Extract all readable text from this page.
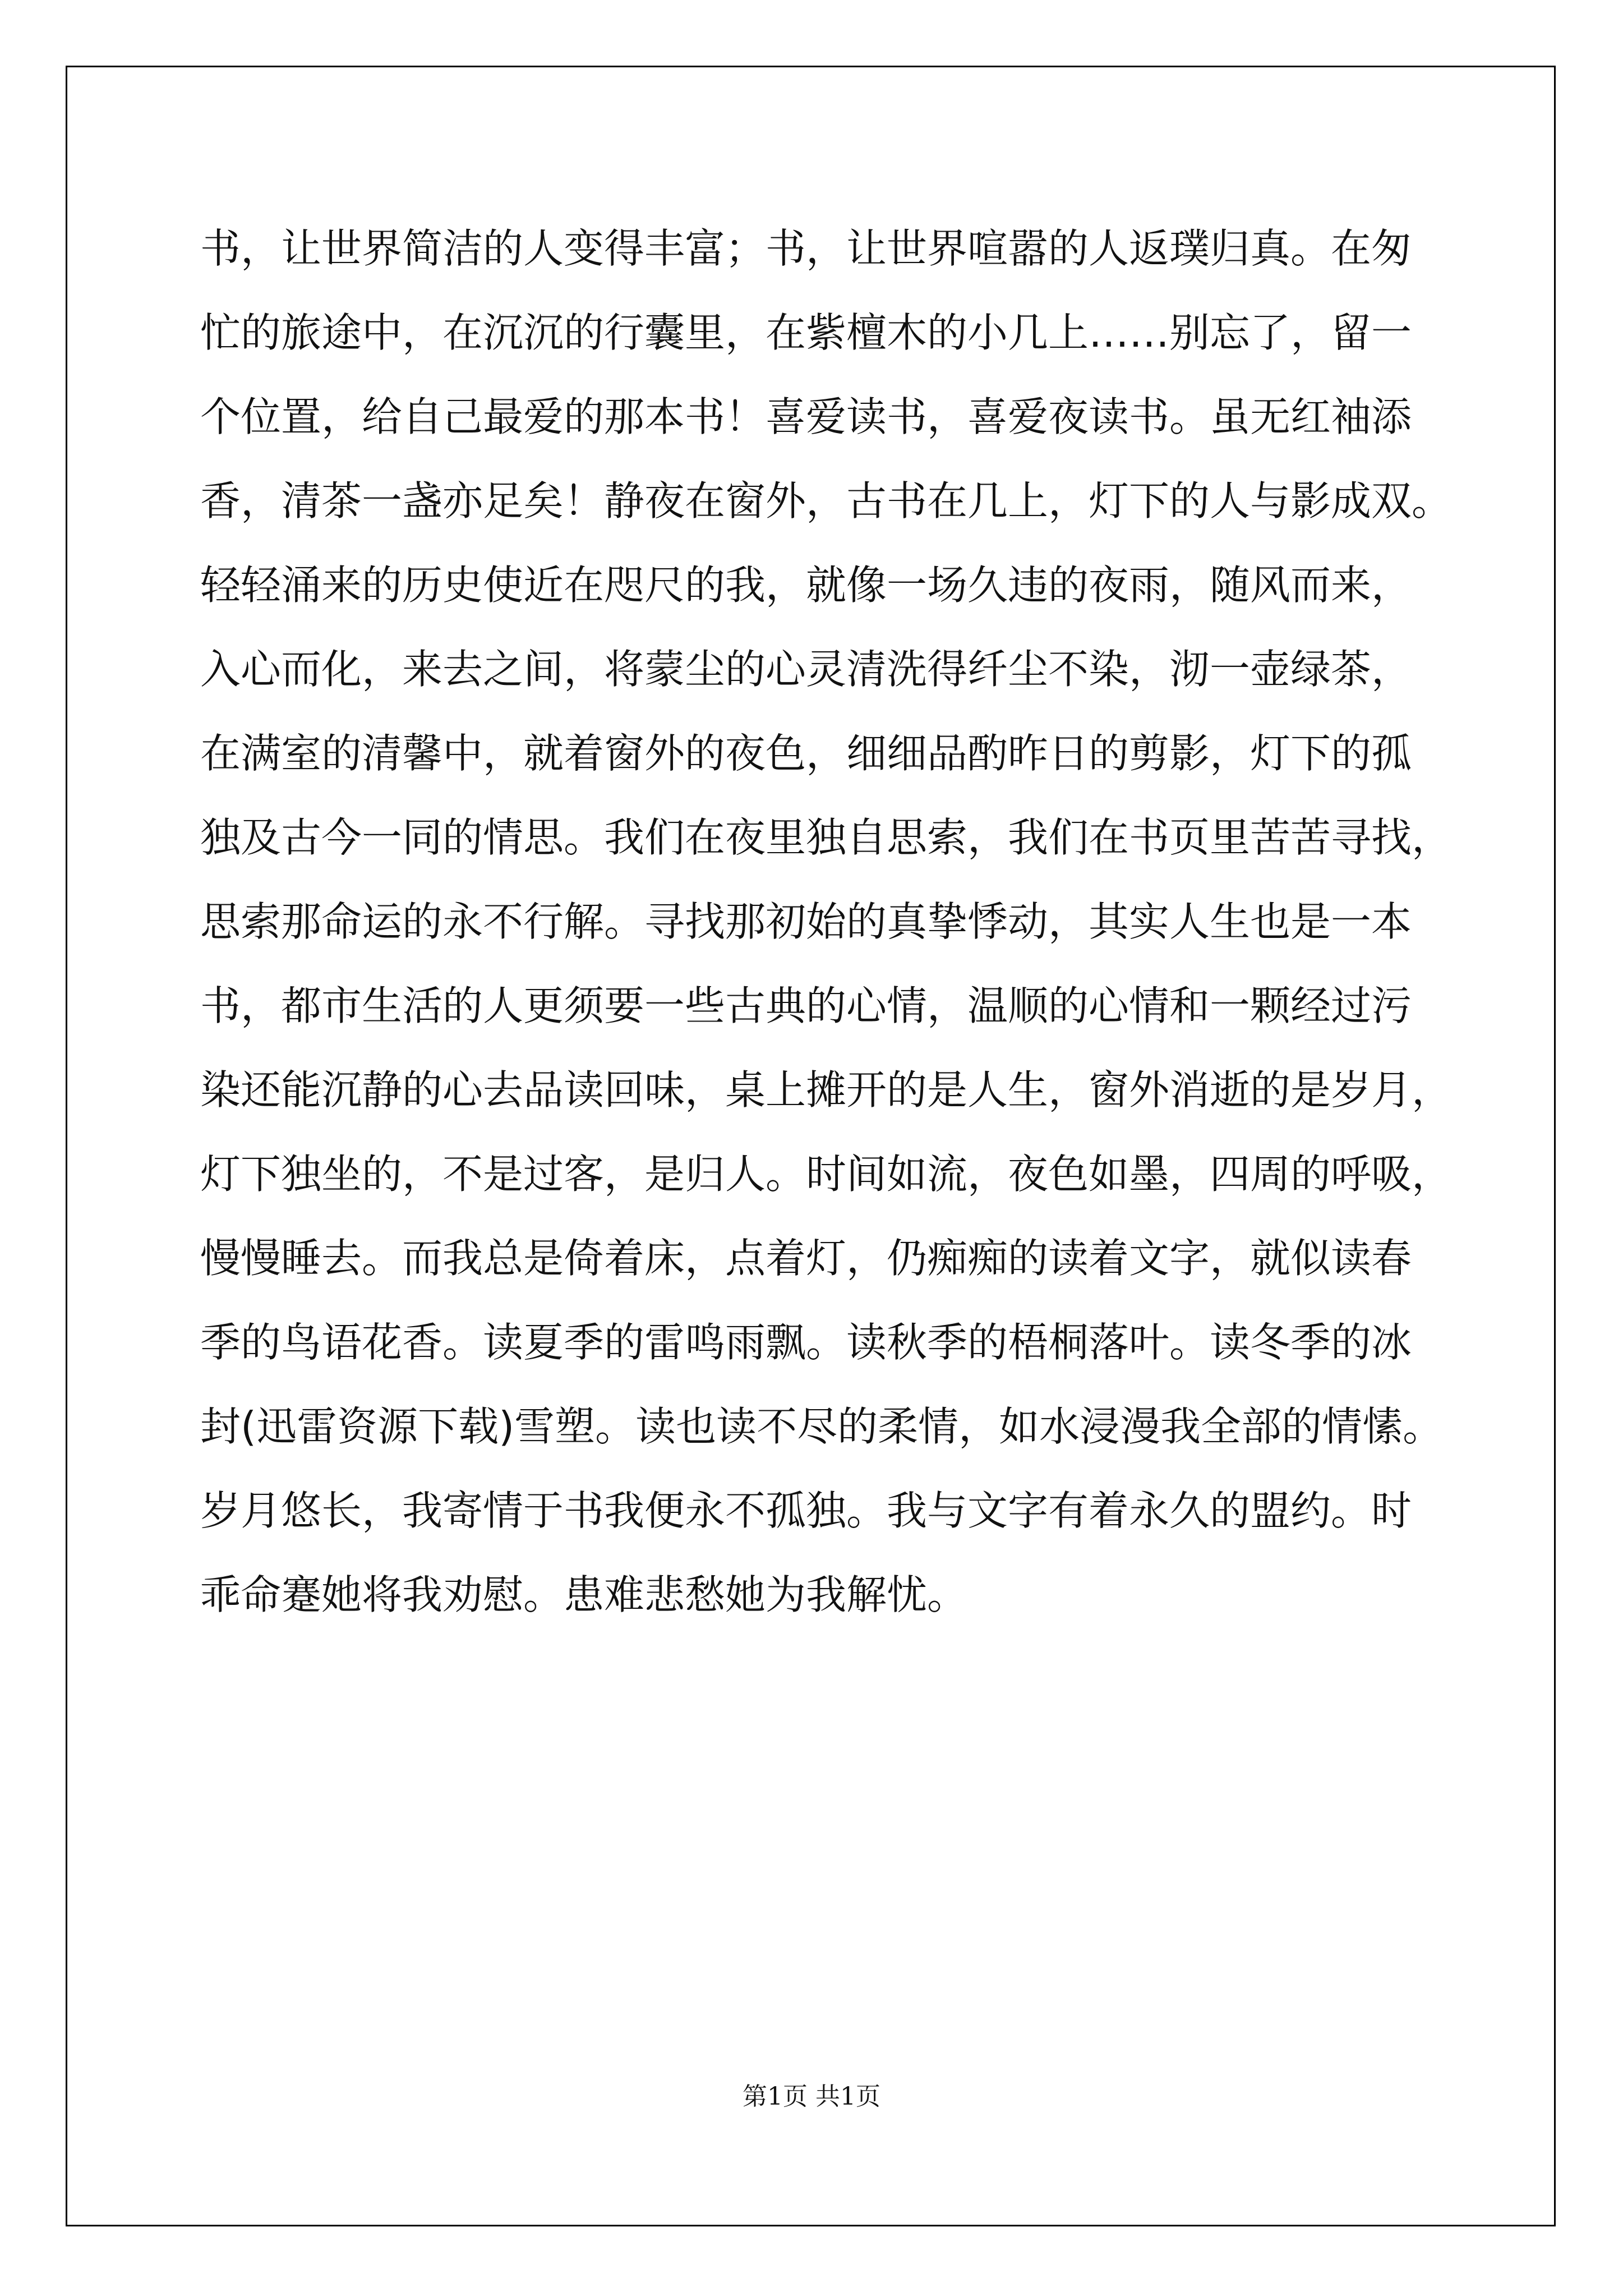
书，让世界简洁的人变得丰富；书，让世界喧嚣的人返璞归真。在匆
忙的旅途中，在沉沉的行囊里，在紫檀木的小几上……别忘了，留一
个位置，给自己最爱的那本书！喜爱读书，喜爱夜读书。虽无红袖添
香，清茶一盏亦足矣！静夜在窗外，古书在几上，灯下的人与影成双。
轻轻涌来的历史使近在咫尺的我，就像一场久违的夜雨，随风而来，
入心而化，来去之间，将蒙尘的心灵清洗得纤尘不染，沏一壶绿茶，
在满室的清馨中，就着窗外的夜色，细细品酌昨日的剪影，灯下的孤
独及古今一同的情思。我们在夜里独自思索，我们在书页里苦苦寻找，
思索那命运的永不行解。寻找那初始的真挚悸动，其实人生也是一本
书，都市生活的人更须要一些古典的心情，温顺的心情和一颗经过污
染还能沉静的心去品读回味，桌上摊开的是人生，窗外消逝的是岁月，
灯下独坐的，不是过客，是归人。时间如流，夜色如墨，四周的呼吸，
慢慢睡去。而我总是倚着床，点着灯，仍痴痴的读着文字，就似读春
季的鸟语花香。读夏季的雷鸣雨飘。读秋季的梧桐落叶。读冬季的冰
封(迅雷资源下载)雪塑。读也读不尽的柔情，如水浸漫我全部的情愫。
岁月悠长，我寄情于书我便永不孤独。我与文字有着永久的盟约。时
乖命蹇她将我劝慰。患难悲愁她为我解忧。
第1页 共1页
